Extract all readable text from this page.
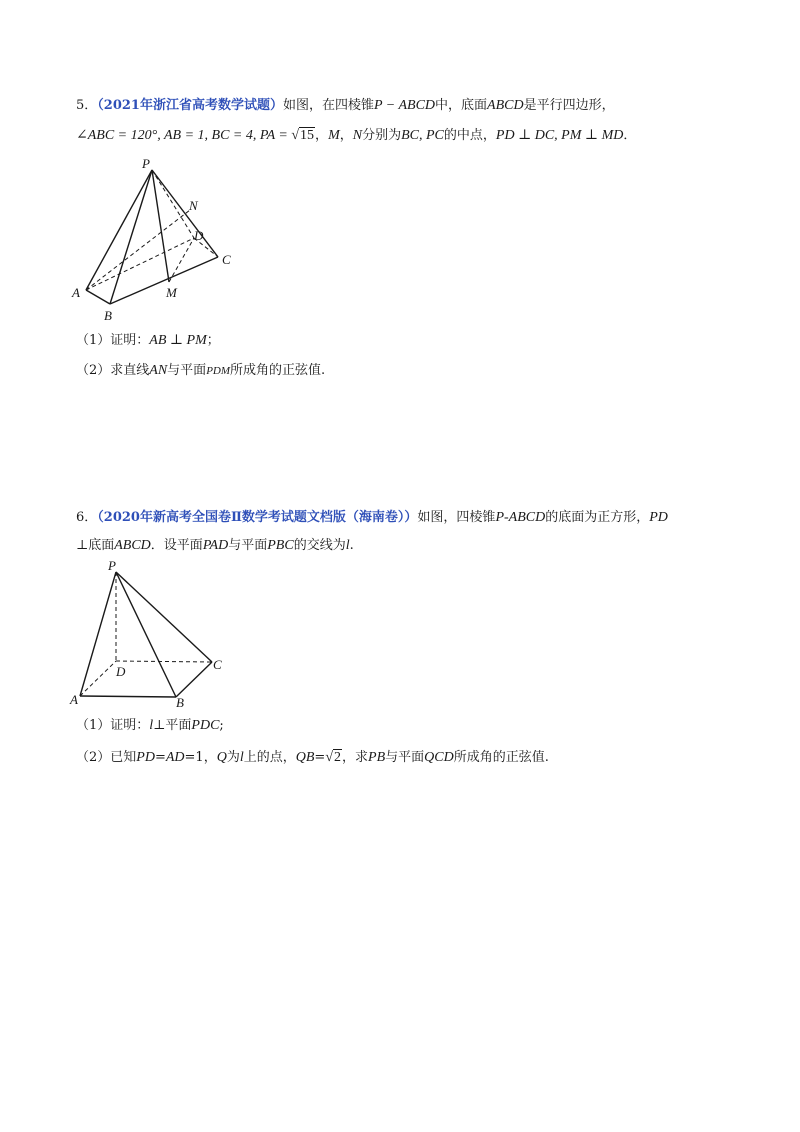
5．（2021年浙江省高考数学试题）如图，在四棱锥P − ABCD中，底面ABCD是平行四边形，
∠ABC = 120°, AB = 1, BC = 4, PA = √15，M，N分别为BC, PC的中点，PD ⊥ DC, PM ⊥ MD．
P
N
D
C
A	M
B
（1）证明：AB ⊥ PM；
（2）求直线AN与平面PDM所成角的正弦值.
6．（2020年新高考全国卷Ⅱ数学考试题文档版（海南卷））如图，四棱锥P-ABCD的底面为正方形，PD
⊥底面ABCD．设平面PAD与平面PBC的交线为l.
P
D	C
A	B
（1）证明：l⊥平面PDC;
（2）已知PD=AD=1，Q为l上的点，QB=√2，求PB与平面QCD所成角的正弦值.
